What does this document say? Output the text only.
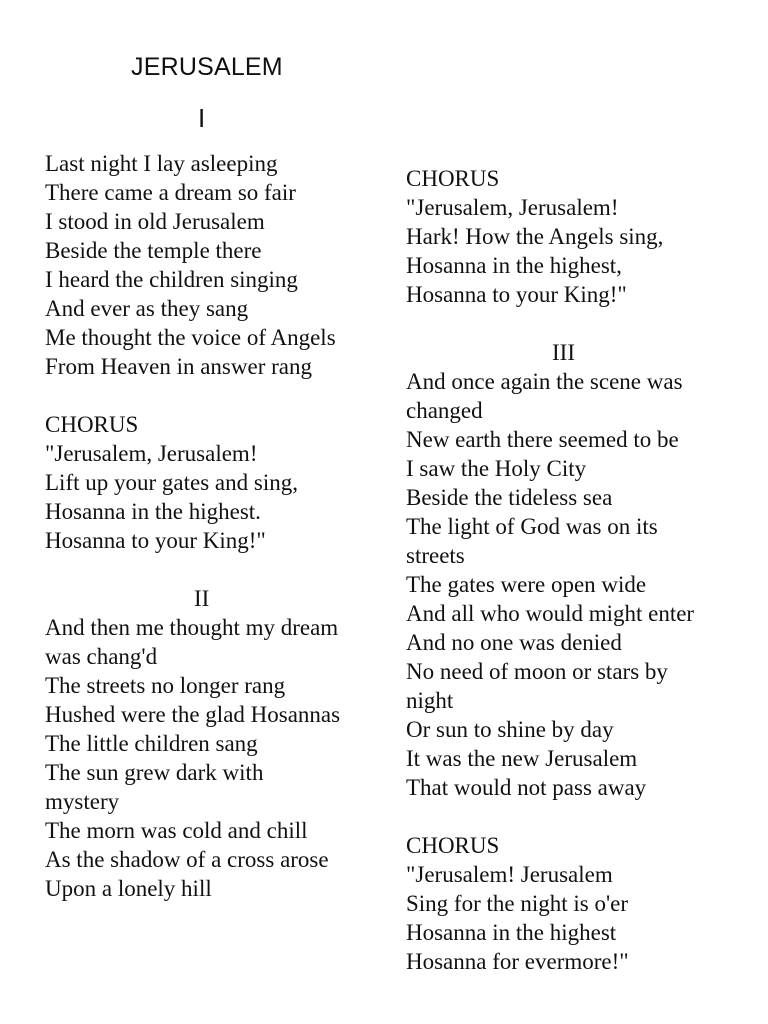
JERUSALEM
I
Last night I lay asleeping
There came a dream so fair
I stood in old Jerusalem
Beside the temple there
I heard the children singing
And ever as they sang
Me thought the voice of Angels
From Heaven in answer rang
CHORUS
"Jerusalem, Jerusalem!
Lift up your gates and sing,
Hosanna in the highest.
Hosanna to your King!"
II
And then me thought my dream
was chang'd
The streets no longer rang
Hushed were the glad Hosannas
The little children sang
The sun grew dark with
mystery
The morn was cold and chill
As the shadow of a cross arose
Upon a lonely hill
CHORUS
"Jerusalem, Jerusalem!
Hark! How the Angels sing,
Hosanna in the highest,
Hosanna to your King!"
III
And once again the scene was
changed
New earth there seemed to be
I saw the Holy City
Beside the tideless sea
The light of God was on its
streets
The gates were open wide
And all who would might enter
And no one was denied
No need of moon or stars by
night
Or sun to shine by day
It was the new Jerusalem
That would not pass away
CHORUS
"Jerusalem! Jerusalem
Sing for the night is o'er
Hosanna in the highest
Hosanna for evermore!"
